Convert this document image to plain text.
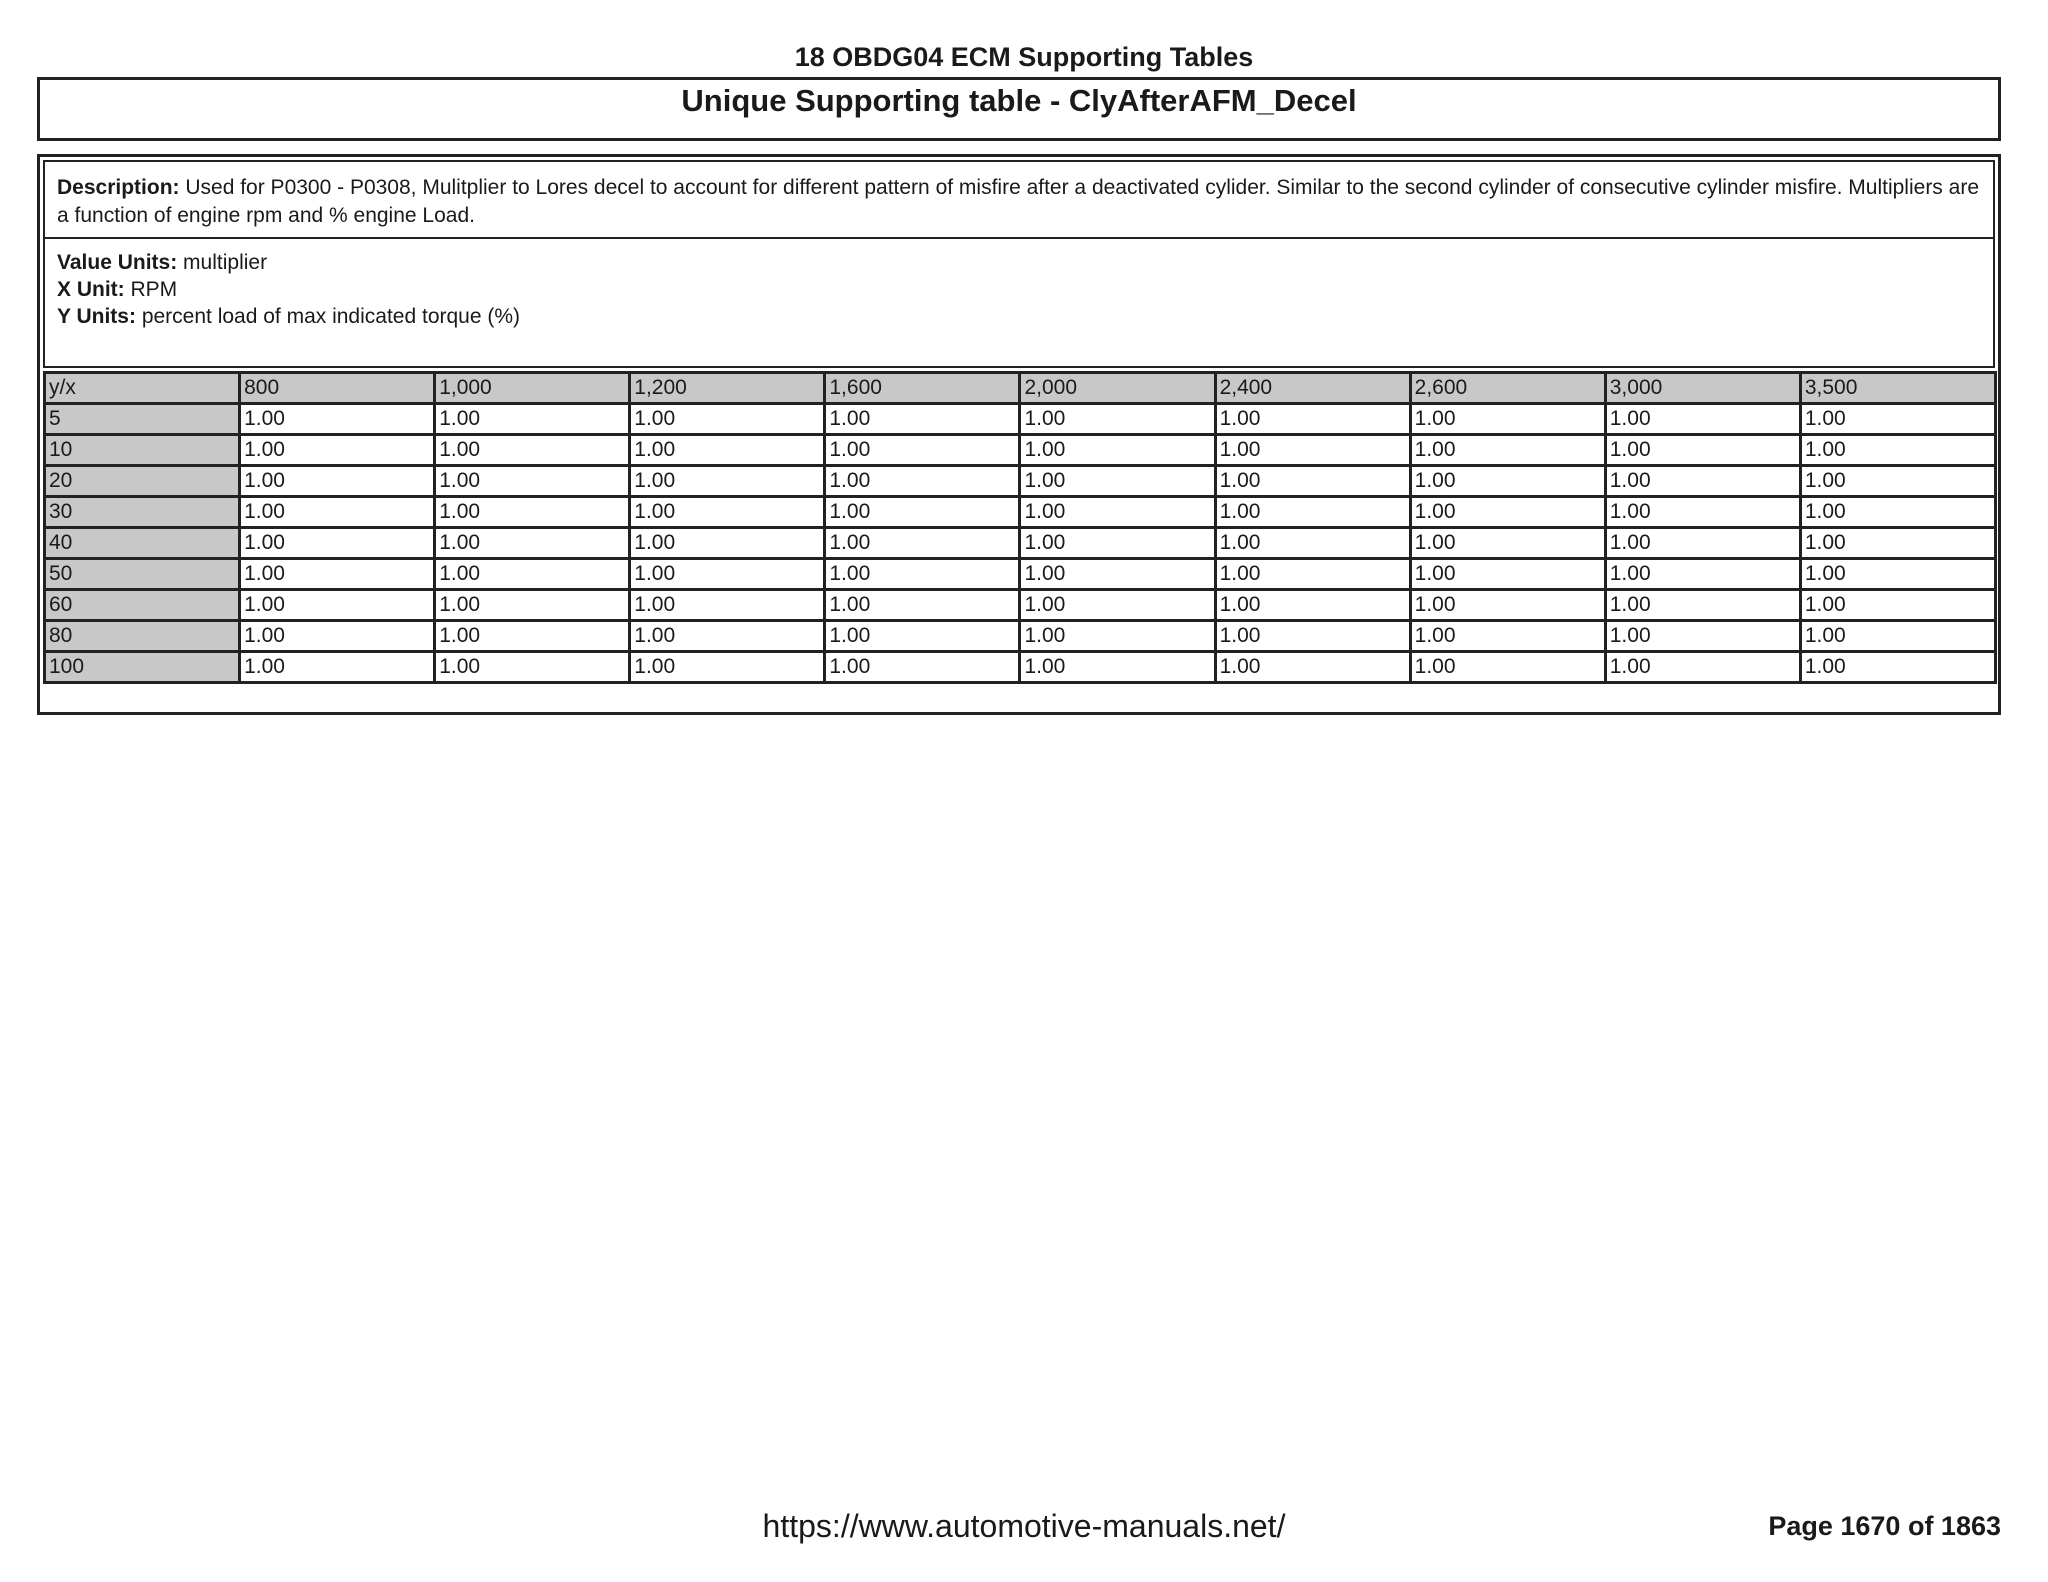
18 OBDG04 ECM Supporting Tables
Unique Supporting table - ClyAfterAFM_Decel
Description: Used for P0300 - P0308, Mulitplier to Lores decel to account for different pattern of misfire after a deactivated cylider. Similar to the second cylinder of consecutive cylinder misfire. Multipliers are a function of engine rpm and % engine Load.
Value Units: multiplier
X Unit: RPM
Y Units: percent load of max indicated torque (%)
y/x	800	1,000	1,200	1,600	2,000	2,400	2,600	3,000	3,500
5	1.00	1.00	1.00	1.00	1.00	1.00	1.00	1.00	1.00
10	1.00	1.00	1.00	1.00	1.00	1.00	1.00	1.00	1.00
20	1.00	1.00	1.00	1.00	1.00	1.00	1.00	1.00	1.00
30	1.00	1.00	1.00	1.00	1.00	1.00	1.00	1.00	1.00
40	1.00	1.00	1.00	1.00	1.00	1.00	1.00	1.00	1.00
50	1.00	1.00	1.00	1.00	1.00	1.00	1.00	1.00	1.00
60	1.00	1.00	1.00	1.00	1.00	1.00	1.00	1.00	1.00
80	1.00	1.00	1.00	1.00	1.00	1.00	1.00	1.00	1.00
100	1.00	1.00	1.00	1.00	1.00	1.00	1.00	1.00	1.00
https://www.automotive-manuals.net/	Page 1670 of 1863
